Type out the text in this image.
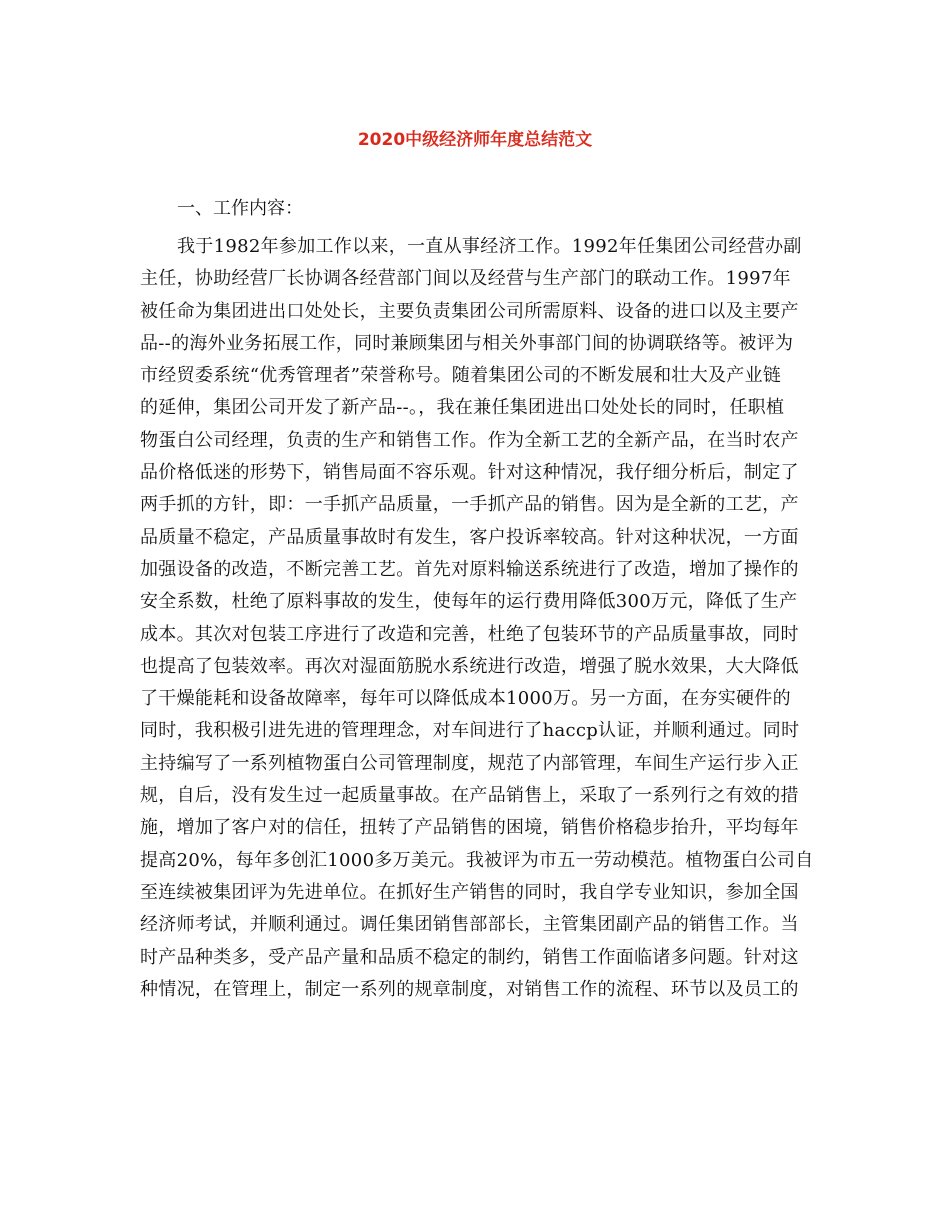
2020中级经济师年度总结范文

一、工作内容：

我于1982年参加工作以来，一直从事经济工作。1992年任集团公司经营办副
主任，协助经营厂长协调各经营部门间以及经营与生产部门的联动工作。1997年
被任命为集团进出口处处长，主要负责集团公司所需原料、设备的进口以及主要产
品--的海外业务拓展工作，同时兼顾集团与相关外事部门间的协调联络等。被评为
市经贸委系统“优秀管理者”荣誉称号。随着集团公司的不断发展和壮大及产业链
的延伸，集团公司开发了新产品--。，我在兼任集团进出口处处长的同时，任职植
物蛋白公司经理，负责的生产和销售工作。作为全新工艺的全新产品，在当时农产
品价格低迷的形势下，销售局面不容乐观。针对这种情况，我仔细分析后，制定了
两手抓的方针，即：一手抓产品质量，一手抓产品的销售。因为是全新的工艺，产
品质量不稳定，产品质量事故时有发生，客户投诉率较高。针对这种状况，一方面
加强设备的改造，不断完善工艺。首先对原料输送系统进行了改造，增加了操作的
安全系数，杜绝了原料事故的发生，使每年的运行费用降低300万元，降低了生产
成本。其次对包装工序进行了改造和完善，杜绝了包装环节的产品质量事故，同时
也提高了包装效率。再次对湿面筋脱水系统进行改造，增强了脱水效果，大大降低
了干燥能耗和设备故障率，每年可以降低成本1000万。另一方面，在夯实硬件的
同时，我积极引进先进的管理理念，对车间进行了haccp认证，并顺利通过。同时
主持编写了一系列植物蛋白公司管理制度，规范了内部管理，车间生产运行步入正
规，自后，没有发生过一起质量事故。在产品销售上，采取了一系列行之有效的措
施，增加了客户对的信任，扭转了产品销售的困境，销售价格稳步抬升，平均每年
提高20%，每年多创汇1000多万美元。我被评为市五一劳动模范。植物蛋白公司自
至连续被集团评为先进单位。在抓好生产销售的同时，我自学专业知识，参加全国
经济师考试，并顺利通过。调任集团销售部部长，主管集团副产品的销售工作。当
时产品种类多，受产品产量和品质不稳定的制约，销售工作面临诸多问题。针对这
种情况，在管理上，制定一系列的规章制度，对销售工作的流程、环节以及员工的
